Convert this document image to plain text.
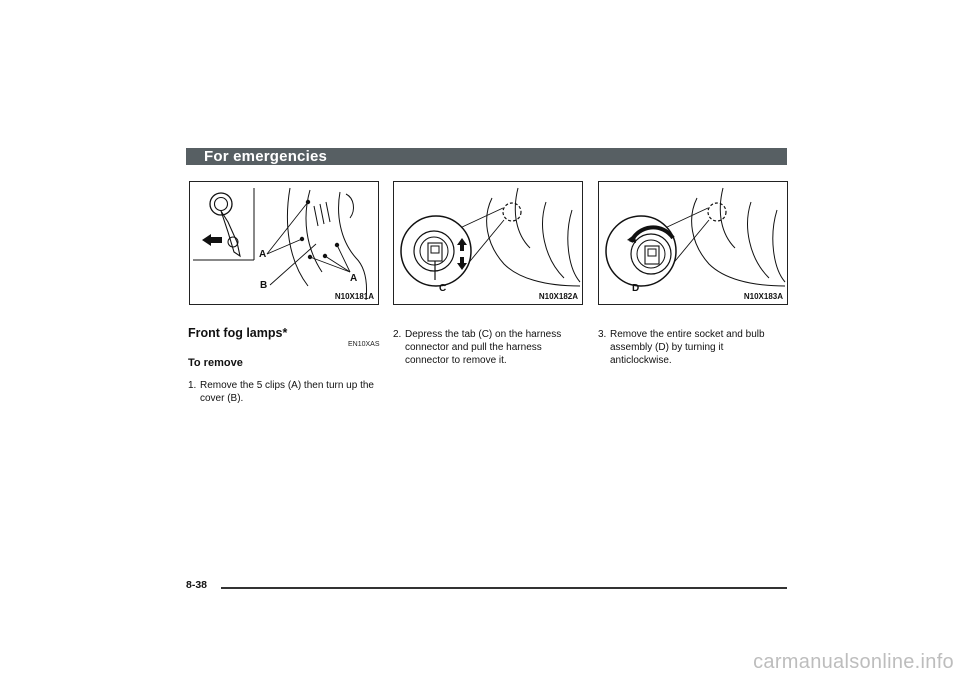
For emergencies
A
A
B
N10X181A
C
N10X182A
D
N10X183A
Front fog lamps*
EN10XAS
To remove
1. Remove the 5 clips (A) then turn up the cover (B).
2. Depress the tab (C) on the harness connector and pull the harness connector to remove it.
3. Remove the entire socket and bulb assembly (D) by turning it anticlockwise.
8-38
carmanualsonline.info
